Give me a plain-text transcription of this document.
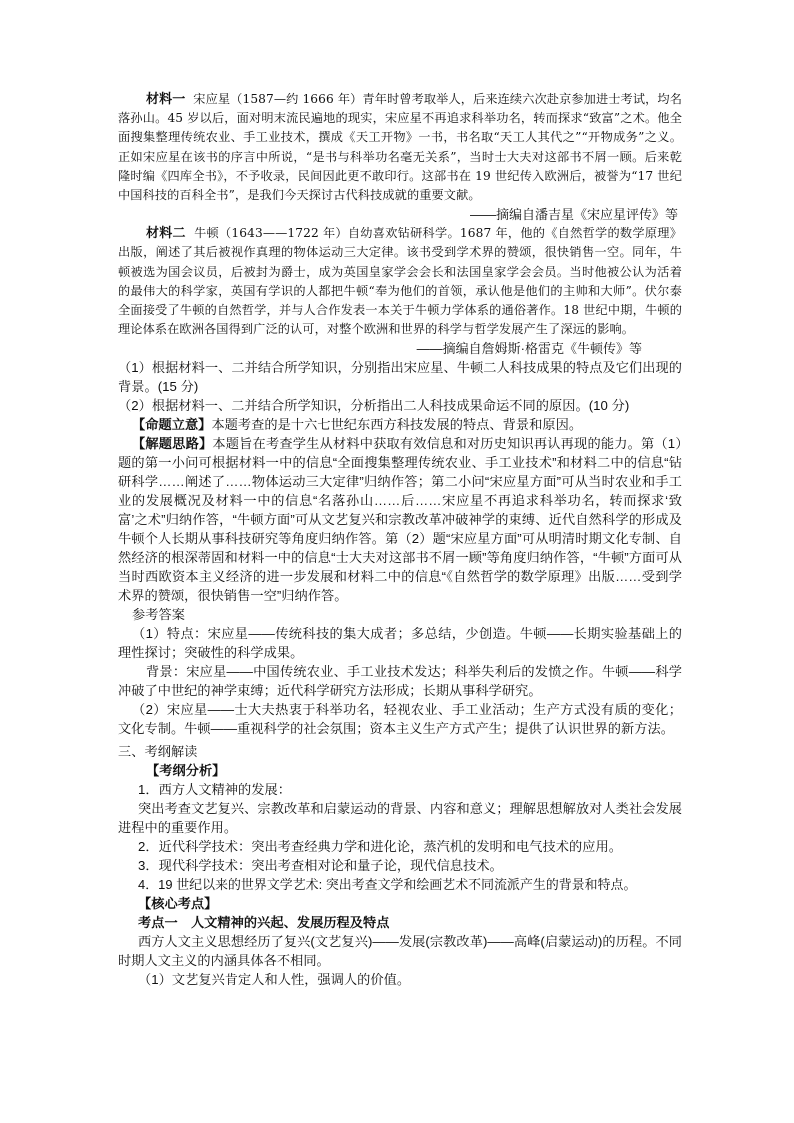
材料一 宋应星（1587—约 1666 年）青年时曾考取举人，后来连续六次赴京参加进士考试，均名落孙山。45 岁以后，面对明末流民遍地的现实，宋应星不再追求科举功名，转而探求“致富”之术。他全面搜集整理传统农业、手工业技术，撰成《天工开物》一书，书名取“天工人其代之”“开物成务”之义。正如宋应星在该书的序言中所说，“是书与科举功名毫无关系”，当时士大夫对这部书不屑一顾。后来乾隆时编《四库全书》，不予收录，民间因此更不敢印行。这部书在 19 世纪传入欧洲后，被誉为“17 世纪中国科技的百科全书”，是我们今天探讨古代科技成就的重要文献。

——摘编自潘吉星《宋应星评传》等

材料二 牛顿（1643——1722 年）自幼喜欢钻研科学。1687 年，他的《自然哲学的数学原理》出版，阐述了其后被视作真理的物体运动三大定律。该书受到学术界的赞颂，很快销售一空。同年，牛顿被选为国会议员，后被封为爵士，成为英国皇家学会会长和法国皇家学会会员。当时他被公认为活着的最伟大的科学家，英国有学识的人都把牛顿“奉为他们的首领，承认他是他们的主帅和大师”。伏尔泰全面接受了牛顿的自然哲学，并与人合作发表一本关于牛顿力学体系的通俗著作。18 世纪中期，牛顿的理论体系在欧洲各国得到广泛的认可，对整个欧洲和世界的科学与哲学发展产生了深远的影响。

——摘编自詹姆斯·格雷克《牛顿传》等

（1）根据材料一、二并结合所学知识，分别指出宋应星、牛顿二人科技成果的特点及它们出现的背景。(15 分)

（2）根据材料一、二并结合所学知识，分析指出二人科技成果命运不同的原因。(10 分)

【命题立意】本题考查的是十六七世纪东西方科技发展的特点、背景和原因。

【解题思路】本题旨在考查学生从材料中获取有效信息和对历史知识再认再现的能力。第（1）题的第一小问可根据材料一中的信息“全面搜集整理传统农业、手工业技术”和材料二中的信息“钻研科学……阐述了……物体运动三大定律”归纳作答；第二小问“宋应星方面”可从当时农业和手工业的发展概况及材料一中的信息“名落孙山……后……宋应星不再追求科举功名，转而探求‘致富’之术”归纳作答，“牛顿方面”可从文艺复兴和宗教改革冲破神学的束缚、近代自然科学的形成及牛顿个人长期从事科技研究等角度归纳作答。第（2）题“宋应星方面”可从明清时期文化专制、自然经济的根深蒂固和材料一中的信息“士大夫对这部书不屑一顾”等角度归纳作答，“牛顿”方面可从当时西欧资本主义经济的进一步发展和材料二中的信息“《自然哲学的数学原理》出版……受到学术界的赞颂，很快销售一空”归纳作答。

参考答案

（1）特点：宋应星——传统科技的集大成者；多总结，少创造。牛顿——长期实验基础上的理性探讨；突破性的科学成果。

背景：宋应星——中国传统农业、手工业技术发达；科举失利后的发愤之作。牛顿——科学冲破了中世纪的神学束缚；近代科学研究方法形成；长期从事科学研究。

（2）宋应星——士大夫热衷于科举功名，轻视农业、手工业活动；生产方式没有质的变化；文化专制。牛顿——重视科学的社会氛围；资本主义生产方式产生；提供了认识世界的新方法。

三、考纲解读

【考纲分析】

1．西方人文精神的发展：

突出考查文艺复兴、宗教改革和启蒙运动的背景、内容和意义；理解思想解放对人类社会发展进程中的重要作用。

2．近代科学技术：突出考查经典力学和进化论，蒸汽机的发明和电气技术的应用。

3．现代科学技术：突出考查相对论和量子论，现代信息技术。

4．19 世纪以来的世界文学艺术: 突出考查文学和绘画艺术不同流派产生的背景和特点。

【核心考点】

考点一　人文精神的兴起、发展历程及特点

西方人文主义思想经历了复兴(文艺复兴)——发展(宗教改革)——高峰(启蒙运动)的历程。不同时期人文主义的内涵具体各不相同。

（1）文艺复兴肯定人和人性，强调人的价值。
